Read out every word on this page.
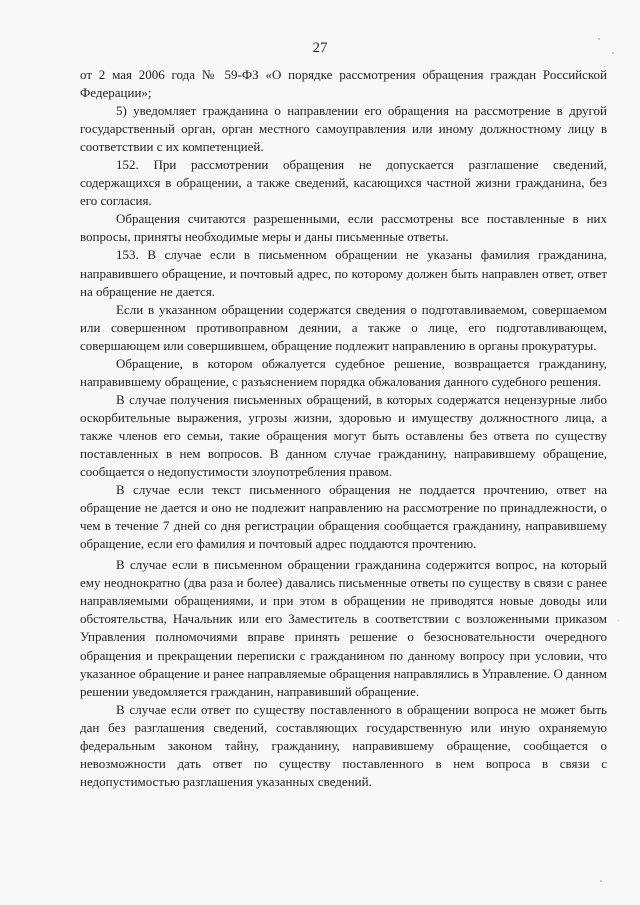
27

от 2 мая 2006 года № 59-ФЗ «О порядке рассмотрения обращения граждан Российской Федерации»;

5) уведомляет гражданина о направлении его обращения на рассмотрение в другой государственный орган, орган местного самоуправления или иному должностному лицу в соответствии с их компетенцией.

152. При рассмотрении обращения не допускается разглашение сведений, содержащихся в обращении, а также сведений, касающихся частной жизни гражданина, без его согласия.

Обращения считаются разрешенными, если рассмотрены все поставленные в них вопросы, приняты необходимые меры и даны письменные ответы.

153. В случае если в письменном обращении не указаны фамилия гражданина, направившего обращение, и почтовый адрес, по которому должен быть направлен ответ, ответ на обращение не дается.

Если в указанном обращении содержатся сведения о подготавливаемом, совершаемом или совершенном противоправном деянии, а также о лице, его подготавливающем, совершающем или совершившем, обращение подлежит направлению в органы прокуратуры.

Обращение, в котором обжалуется судебное решение, возвращается гражданину, направившему обращение, с разъяснением порядка обжалования данного судебного решения.

В случае получения письменных обращений, в которых содержатся нецензурные либо оскорбительные выражения, угрозы жизни, здоровью и имуществу должностного лица, а также членов его семьи, такие обращения могут быть оставлены без ответа по существу поставленных в нем вопросов. В данном случае гражданину, направившему обращение, сообщается о недопустимости злоупотребления правом.

В случае если текст письменного обращения не поддается прочтению, ответ на обращение не дается и оно не подлежит направлению на рассмотрение по принадлежности, о чем в течение 7 дней со дня регистрации обращения сообщается гражданину, направившему обращение, если его фамилия и почтовый адрес поддаются прочтению.

В случае если в письменном обращении гражданина содержится вопрос, на который ему неоднократно (два раза и более) давались письменные ответы по существу в связи с ранее направляемыми обращениями, и при этом в обращении не приводятся новые доводы или обстоятельства, Начальник или его Заместитель в соответствии с возложенными приказом Управления полномочиями вправе принять решение о безосновательности очередного обращения и прекращении переписки с гражданином по данному вопросу при условии, что указанное обращение и ранее направляемые обращения направлялись в Управление. О данном решении уведомляется гражданин, направивший обращение.

В случае если ответ по существу поставленного в обращении вопроса не может быть дан без разглашения сведений, составляющих государственную или иную охраняемую федеральным законом тайну, гражданину, направившему обращение, сообщается о невозможности дать ответ по существу поставленного в нем вопроса в связи с недопустимостью разглашения указанных сведений.
